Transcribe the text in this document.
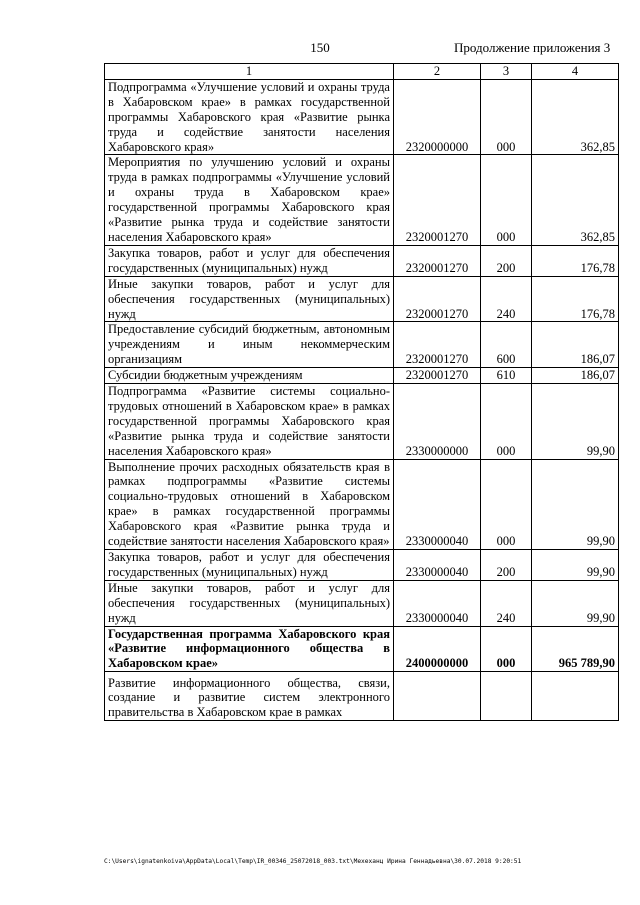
150	Продолжение приложения 3
1	2	3	4
Подпрограмма «Улучшение условий и охраны труда в Хабаровском крае» в рамках государственной программы Хабаровского края «Развитие рынка труда и содействие занятости населения Хабаровского края»	2320000000	000	362,85
Мероприятия по улучшению условий и охраны труда в рамках подпрограммы «Улучшение условий и охраны труда в Хабаровском крае» государственной программы Хабаровского края «Развитие рынка труда и содействие занятости населения Хабаровского края»	2320001270	000	362,85
Закупка товаров, работ и услуг для обеспечения государственных (муниципальных) нужд	2320001270	200	176,78
Иные закупки товаров, работ и услуг для обеспечения государственных (муниципальных) нужд	2320001270	240	176,78
Предоставление субсидий бюджетным, автономным учреждениям и иным некоммерческим организациям	2320001270	600	186,07
Субсидии бюджетным учреждениям	2320001270	610	186,07
Подпрограмма «Развитие системы социально-трудовых отношений в Хабаровском крае» в рамках государственной программы Хабаровского края «Развитие рынка труда и содействие занятости населения Хабаровского края»	2330000000	000	99,90
Выполнение прочих расходных обязательств края в рамках подпрограммы «Развитие системы социально-трудовых отношений в Хабаровском крае» в рамках государственной программы Хабаровского края «Развитие рынка труда и содействие занятости населения Хабаровского края»	2330000040	000	99,90
Закупка товаров, работ и услуг для обеспечения государственных (муниципальных) нужд	2330000040	200	99,90
Иные закупки товаров, работ и услуг для обеспечения государственных (муниципальных) нужд	2330000040	240	99,90
Государственная программа Хабаровского края «Развитие информационного общества в Хабаровском крае»	2400000000	000	965 789,90
Развитие информационного общества, связи, создание и развитие систем электронного правительства в Хабаровском крае в рамках			
C:\Users\ignatenkoiva\AppData\Local\Temp\IR_00346_25072018_003.txt\Мехеханц Ирина Геннадьевна\30.07.2018 9:20:51
